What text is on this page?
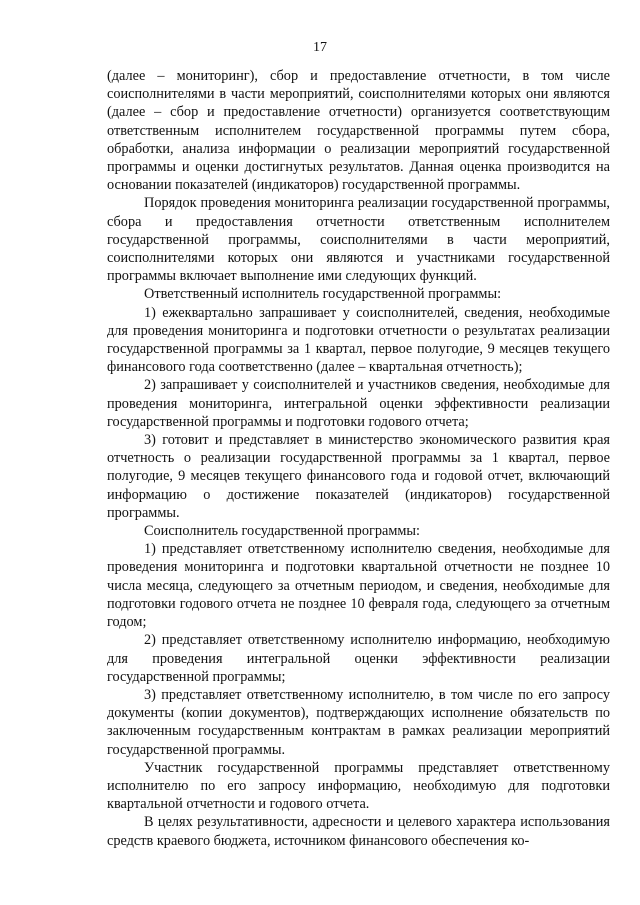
17

(далее – мониторинг), сбор и предоставление отчетности, в том числе соисполнителями в части мероприятий, соисполнителями которых они являются (далее – сбор и предоставление отчетности) организуется соответствующим ответственным исполнителем государственной программы путем сбора, обработки, анализа информации о реализации мероприятий государственной программы и оценки достигнутых результатов. Данная оценка производится на основании показателей (индикаторов) государственной программы.

Порядок проведения мониторинга реализации государственной программы, сбора и предоставления отчетности ответственным исполнителем государственной программы, соисполнителями в части мероприятий, соисполнителями которых они являются и участниками государственной программы включает выполнение ими следующих функций.

Ответственный исполнитель государственной программы:

1) ежеквартально запрашивает у соисполнителей, сведения, необходимые для проведения мониторинга и подготовки отчетности о результатах реализации государственной программы за 1 квартал, первое полугодие, 9 месяцев текущего финансового года соответственно (далее – квартальная отчетность);

2) запрашивает у соисполнителей и участников сведения, необходимые для проведения мониторинга, интегральной оценки эффективности реализации государственной программы и подготовки годового отчета;

3) готовит и представляет в министерство экономического развития края отчетность о реализации государственной программы за 1 квартал, первое полугодие, 9 месяцев текущего финансового года и годовой отчет, включающий информацию о достижение показателей (индикаторов) государственной программы.

Соисполнитель государственной программы:

1) представляет ответственному исполнителю сведения, необходимые для проведения мониторинга и подготовки квартальной отчетности не позднее 10 числа месяца, следующего за отчетным периодом, и сведения, необходимые для подготовки годового отчета не позднее 10 февраля года, следующего за отчетным годом;

2) представляет ответственному исполнителю информацию, необходимую для проведения интегральной оценки эффективности реализации государственной программы;

3) представляет ответственному исполнителю, в том числе по его запросу документы (копии документов), подтверждающих исполнение обязательств по заключенным государственным контрактам в рамках реализации мероприятий государственной программы.

Участник государственной программы представляет ответственному исполнителю по его запросу информацию, необходимую для подготовки квартальной отчетности и годового отчета.

В целях результативности, адресности и целевого характера использования средств краевого бюджета, источником финансового обеспечения ко-
